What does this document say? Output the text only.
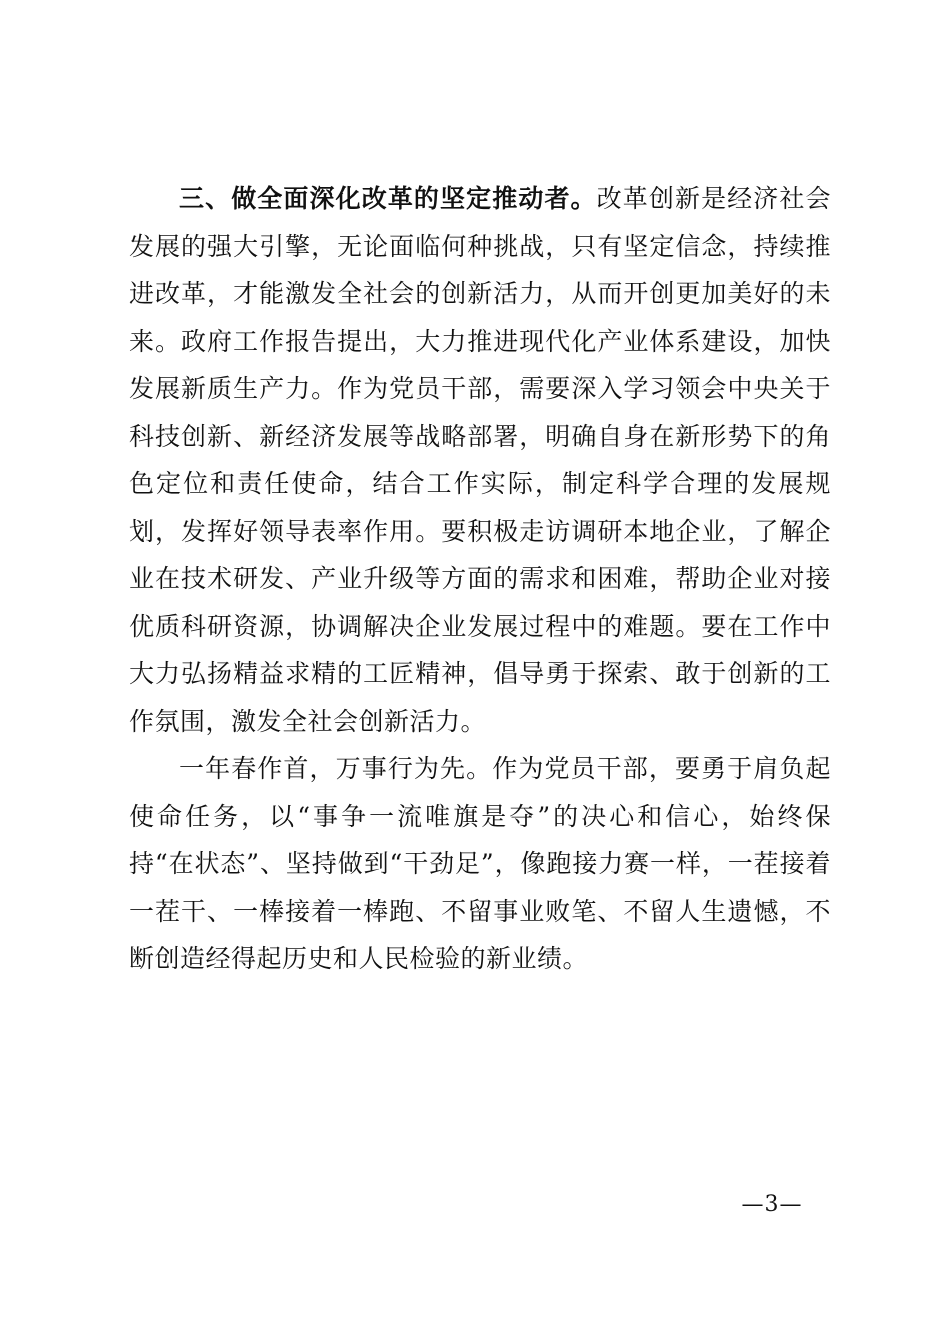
三、做全面深化改革的坚定推动者。改革创新是经济社会发展的强大引擎，无论面临何种挑战，只有坚定信念，持续推进改革，才能激发全社会的创新活力，从而开创更加美好的未来。政府工作报告提出，大力推进现代化产业体系建设，加快发展新质生产力。作为党员干部，需要深入学习领会中央关于科技创新、新经济发展等战略部署，明确自身在新形势下的角色定位和责任使命，结合工作实际，制定科学合理的发展规划，发挥好领导表率作用。要积极走访调研本地企业，了解企业在技术研发、产业升级等方面的需求和困难，帮助企业对接优质科研资源，协调解决企业发展过程中的难题。要在工作中大力弘扬精益求精的工匠精神，倡导勇于探索、敢于创新的工作氛围，激发全社会创新活力。

一年春作首，万事行为先。作为党员干部，要勇于肩负起使命任务，以“事争一流唯旗是夺”的决心和信心，始终保持“在状态”、坚持做到“干劲足”，像跑接力赛一样，一茬接着一茬干、一棒接着一棒跑、不留事业败笔、不留人生遗憾，不断创造经得起历史和人民检验的新业绩。

—3—
